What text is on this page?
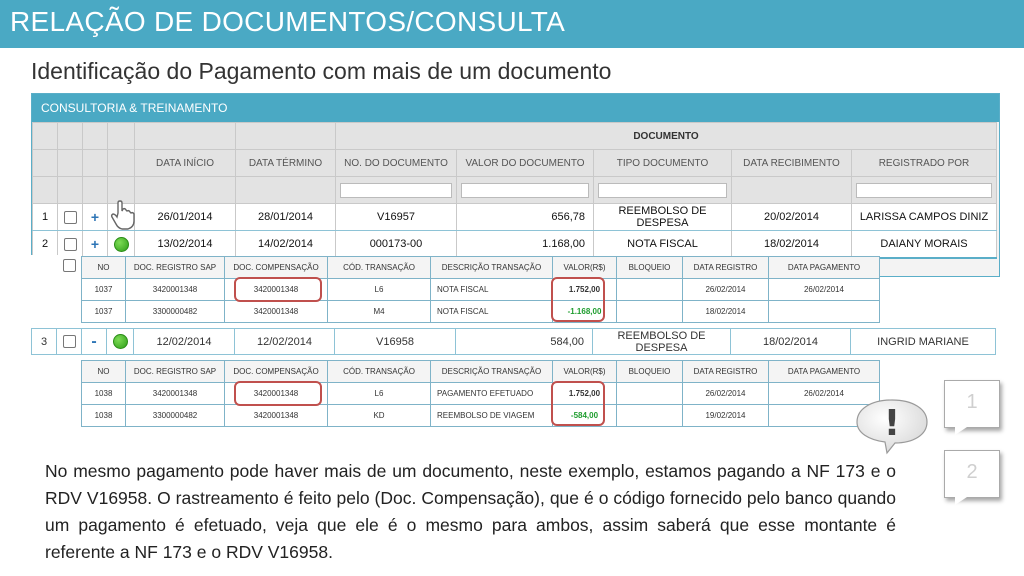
RELAÇÃO DE DOCUMENTOS/CONSULTA
Identificação do Pagamento com mais de um documento
CONSULTORIA & TREINAMENTO
						DOCUMENTO				
				DATA INÍCIO	DATA TÉRMINO	NO. DO DOCUMENTO	VALOR DO DOCUMENTO	TIPO DOCUMENTO	DATA RECIBIMENTO	REGISTRADO POR

1		+		26/01/2014	28/01/2014	V16957	656,78	REEMBOLSO DE DESPESA	20/02/2014	LARISSA CAMPOS DINIZ
2		+		13/02/2014	14/02/2014	000173-00	1.168,00	NOTA FISCAL	18/02/2014	DAIANY MORAIS
NO	DOC. REGISTRO SAP	DOC. COMPENSAÇÃO	CÓD. TRANSAÇÃO	DESCRIÇÃO TRANSAÇÃO	VALOR(R$)	BLOQUEIO	DATA REGISTRO	DATA PAGAMENTO
1037	3420001348	3420001348	L6	NOTA FISCAL	1.752,00		26/02/2014	26/02/2014
1037	3300000482	3420001348	M4	NOTA FISCAL	-1.168,00		18/02/2014	
3		-		12/02/2014	12/02/2014	V16958	584,00	REEMBOLSO DE DESPESA	18/02/2014	INGRID MARIANE
NO	DOC. REGISTRO SAP	DOC. COMPENSAÇÃO	CÓD. TRANSAÇÃO	DESCRIÇÃO TRANSAÇÃO	VALOR(R$)	BLOQUEIO	DATA REGISTRO	DATA PAGAMENTO
1038	3420001348	3420001348	L6	PAGAMENTO EFETUADO	1.752,00		26/02/2014	26/02/2014
1038	3300000482	3420001348	KD	REEMBOLSO DE VIAGEM	-584,00		19/02/2014		!
1
2
No mesmo pagamento pode haver mais de um documento, neste exemplo, estamos pagando a NF 173 e o RDV V16958. O rastreamento é feito pelo (Doc. Compensação), que é o código fornecido pelo banco quando um pagamento é efetuado, veja que ele é o mesmo para ambos, assim saberá que esse montante é referente a NF 173 e o RDV V16958.
